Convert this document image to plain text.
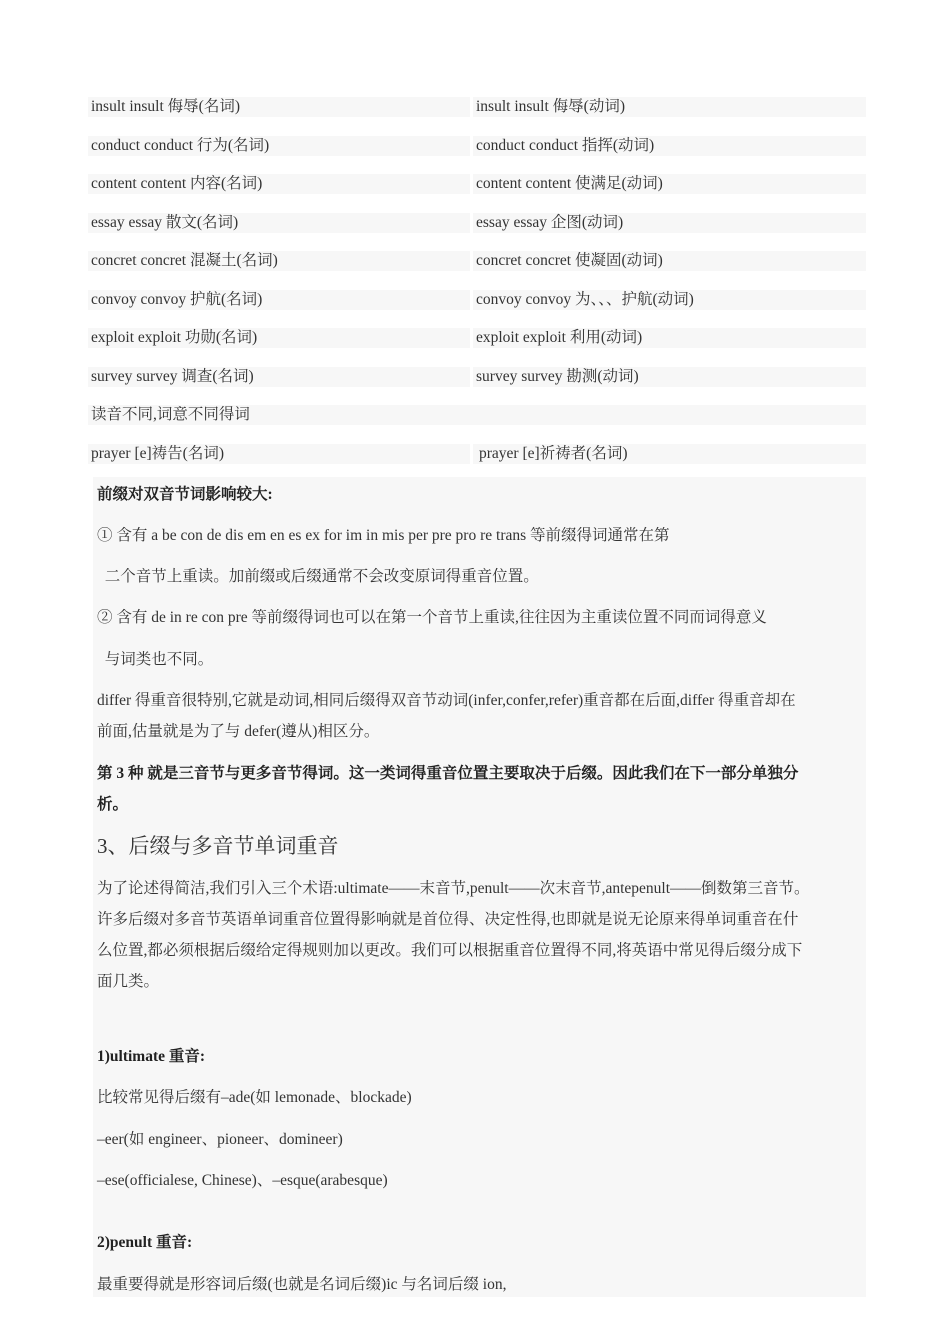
insult insult 侮辱(名词)	insult insult 侮辱(动词)
conduct conduct 行为(名词)	conduct conduct 指挥(动词)
content content 内容(名词)	content content 使满足(动词)
essay essay 散文(名词)	essay essay 企图(动词)
concret concret 混凝土(名词)	concret concret 使凝固(动词)
convoy convoy 护航(名词)	convoy convoy 为、、、护航(动词)
exploit exploit 功勋(名词)	exploit exploit 利用(动词)
survey survey 调查(名词)	survey survey 勘测(动词)
读音不同,词意不同得词
prayer [e]祷告(名词)	prayer [e]祈祷者(名词)
前缀对双音节词影响较大:
① 含有 a be con de dis em en es ex for im in mis per pre pro re trans 等前缀得词通常在第
二个音节上重读。加前缀或后缀通常不会改变原词得重音位置。
② 含有 de in re con pre 等前缀得词也可以在第一个音节上重读,往往因为主重读位置不同而词得意义
与词类也不同。
differ 得重音很特别,它就是动词,相同后缀得双音节动词(infer,confer,refer)重音都在后面,differ 得重音却在
前面,估量就是为了与 defer(遵从)相区分。
第 3 种 就是三音节与更多音节得词。这一类词得重音位置主要取决于后缀。因此我们在下一部分单独分
析。
3、后缀与多音节单词重音
为了论述得简洁,我们引入三个术语:ultimate——末音节,penult——次末音节,antepenult——倒数第三音节。
许多后缀对多音节英语单词重音位置得影响就是首位得、决定性得,也即就是说无论原来得单词重音在什
么位置,都必须根据后缀给定得规则加以更改。我们可以根据重音位置得不同,将英语中常见得后缀分成下
面几类。
1)ultimate 重音:
比较常见得后缀有–ade(如 lemonade、blockade)
–eer(如 engineer、pioneer、domineer)
–ese(officialese, Chinese)、–esque(arabesque)
2)penult 重音:
最重要得就是形容词后缀(也就是名词后缀)ic 与名词后缀 ion,
